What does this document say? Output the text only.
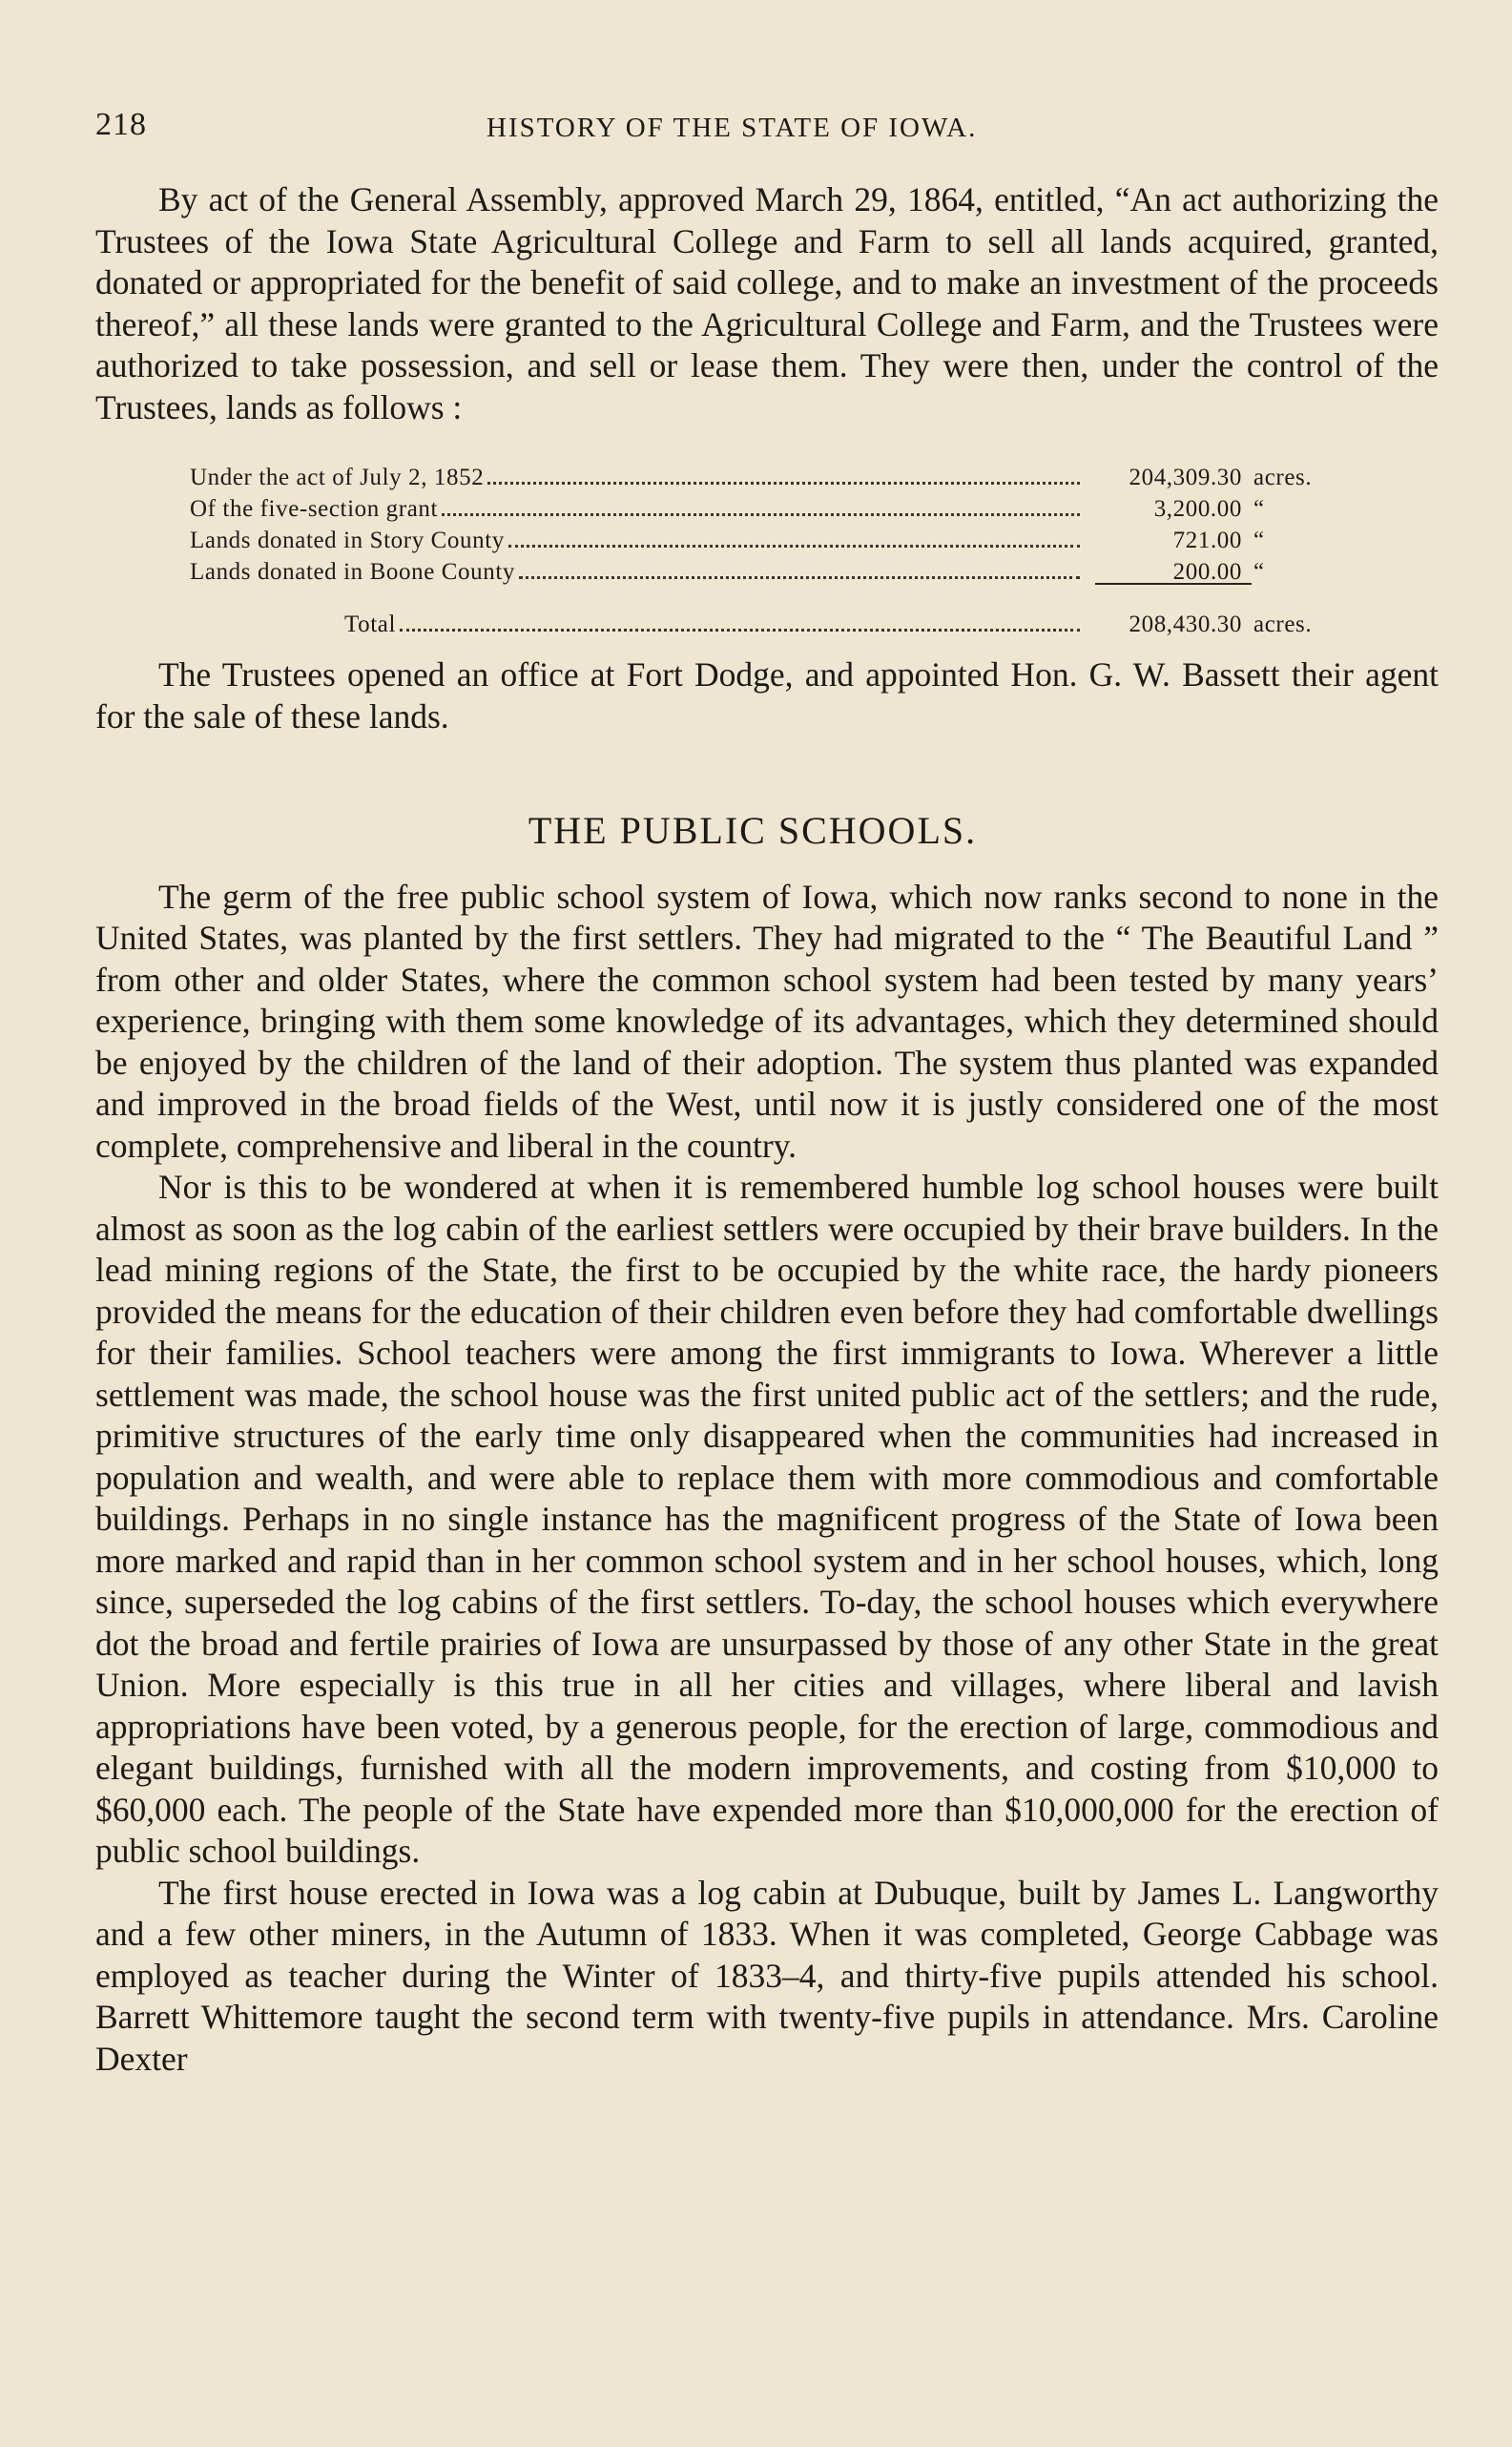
218	HISTORY OF THE STATE OF IOWA.

By act of the General Assembly, approved March 29, 1864, entitled, “An act authorizing the Trustees of the Iowa State Agricultural College and Farm to sell all lands acquired, granted, donated or appropriated for the benefit of said college, and to make an investment of the proceeds thereof,” all these lands were granted to the Agricultural College and Farm, and the Trustees were authorized to take possession, and sell or lease them. They were then, under the control of the Trustees, lands as follows :

Under the act of July 2, 1852	204,309.30 acres.
Of the five-section grant	3,200.00 “
Lands donated in Story County	721.00 “
Lands donated in Boone County	200.00 “
Total	208,430.30 acres.

The Trustees opened an office at Fort Dodge, and appointed Hon. G. W. Bassett their agent for the sale of these lands.

THE PUBLIC SCHOOLS.

The germ of the free public school system of Iowa, which now ranks second to none in the United States, was planted by the first settlers. They had migrated to the “ The Beautiful Land ” from other and older States, where the common school system had been tested by many years’ experience, bringing with them some knowledge of its advantages, which they determined should be enjoyed by the children of the land of their adoption. The system thus planted was expanded and improved in the broad fields of the West, until now it is justly considered one of the most complete, comprehensive and liberal in the country.

Nor is this to be wondered at when it is remembered humble log school houses were built almost as soon as the log cabin of the earliest settlers were occupied by their brave builders. In the lead mining regions of the State, the first to be occupied by the white race, the hardy pioneers provided the means for the education of their children even before they had comfortable dwellings for their families. School teachers were among the first immigrants to Iowa. Wherever a little settlement was made, the school house was the first united public act of the settlers; and the rude, primitive structures of the early time only disappeared when the communities had increased in population and wealth, and were able to replace them with more commodious and comfortable buildings. Perhaps in no single instance has the magnificent progress of the State of Iowa been more marked and rapid than in her common school system and in her school houses, which, long since, superseded the log cabins of the first settlers. To-day, the school houses which everywhere dot the broad and fertile prairies of Iowa are unsurpassed by those of any other State in the great Union. More especially is this true in all her cities and villages, where liberal and lavish appropriations have been voted, by a generous people, for the erection of large, commodious and elegant buildings, furnished with all the modern improvements, and costing from $10,000 to $60,000 each. The people of the State have expended more than $10,000,000 for the erection of public school buildings.

The first house erected in Iowa was a log cabin at Dubuque, built by James L. Langworthy and a few other miners, in the Autumn of 1833. When it was completed, George Cabbage was employed as teacher during the Winter of 1833–4, and thirty-five pupils attended his school. Barrett Whittemore taught the second term with twenty-five pupils in attendance. Mrs. Caroline Dexter
